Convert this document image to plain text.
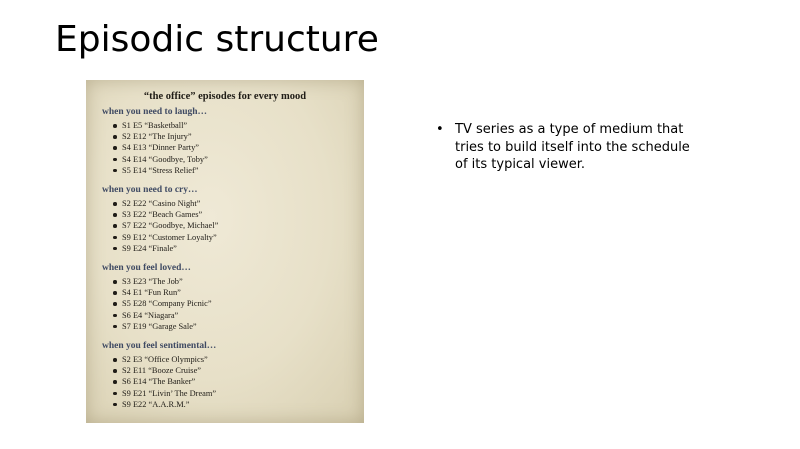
Episodic structure

“the office” episodes for every mood

when you need to laugh…

S1 E5 “Basketball”
S2 E12 “The Injury”
S4 E13 “Dinner Party”
S4 E14 “Goodbye, Toby”
S5 E14 “Stress Relief”

when you need to cry…

S2 E22 “Casino Night”
S3 E22 “Beach Games”
S7 E22 “Goodbye, Michael”
S9 E12 “Customer Loyalty”
S9 E24 “Finale”

when you feel loved…

S3 E23 “The Job”
S4 E1 “Fun Run”
S5 E28 “Company Picnic”
S6 E4 “Niagara”
S7 E19 “Garage Sale”

when you feel sentimental…

S2 E3 “Office Olympics”
S2 E11 “Booze Cruise”
S6 E14 “The Banker”
S9 E21 “Livin’ The Dream”
S9 E22 “A.A.R.M.”
• TV series as a type of medium that tries to build itself into the schedule of its typical viewer.
